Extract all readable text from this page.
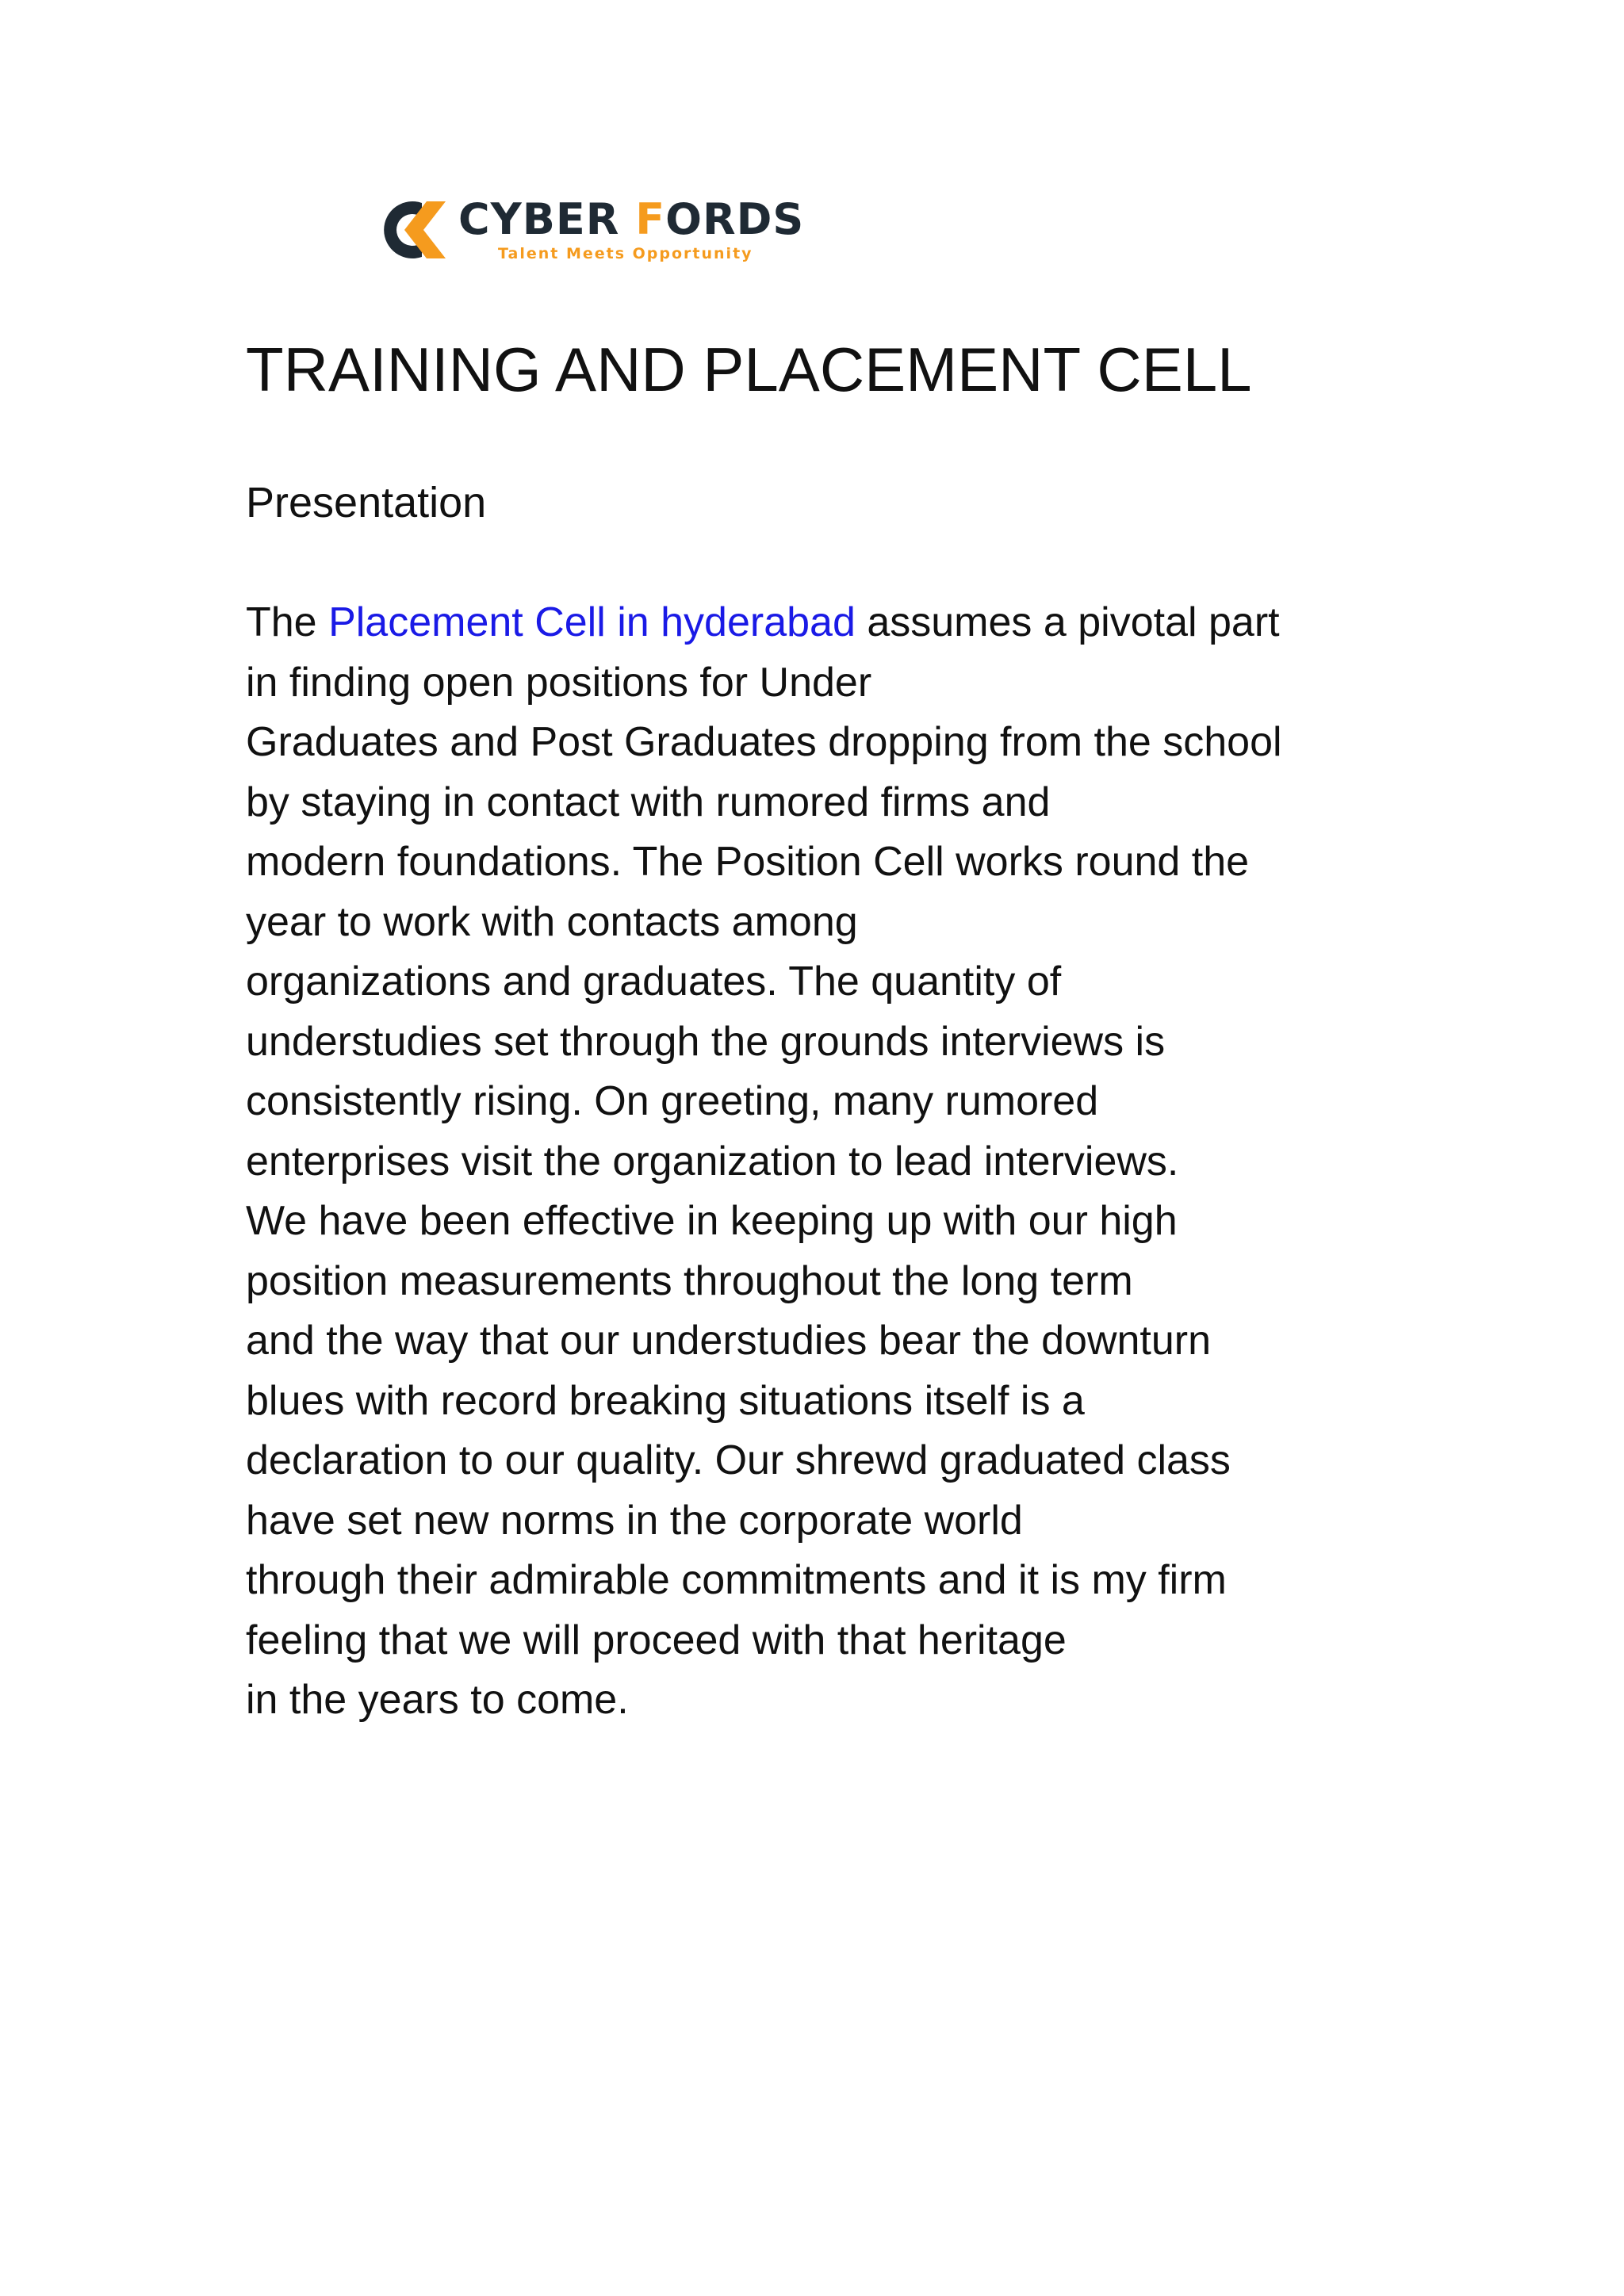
CYBER FORDS
Talent Meets Opportunity
TRAINING AND PLACEMENT CELL

Presentation

The Placement Cell in hyderabad assumes a pivotal part
in finding open positions for Under
Graduates and Post Graduates dropping from the school
by staying in contact with rumored firms and
modern foundations. The Position Cell works round the
year to work with contacts among
organizations and graduates. The quantity of
understudies set through the grounds interviews is
consistently rising. On greeting, many rumored
enterprises visit the organization to lead interviews.
We have been effective in keeping up with our high
position measurements throughout the long term
and the way that our understudies bear the downturn
blues with record breaking situations itself is a
declaration to our quality. Our shrewd graduated class
have set new norms in the corporate world
through their admirable commitments and it is my firm
feeling that we will proceed with that heritage
in the years to come.
